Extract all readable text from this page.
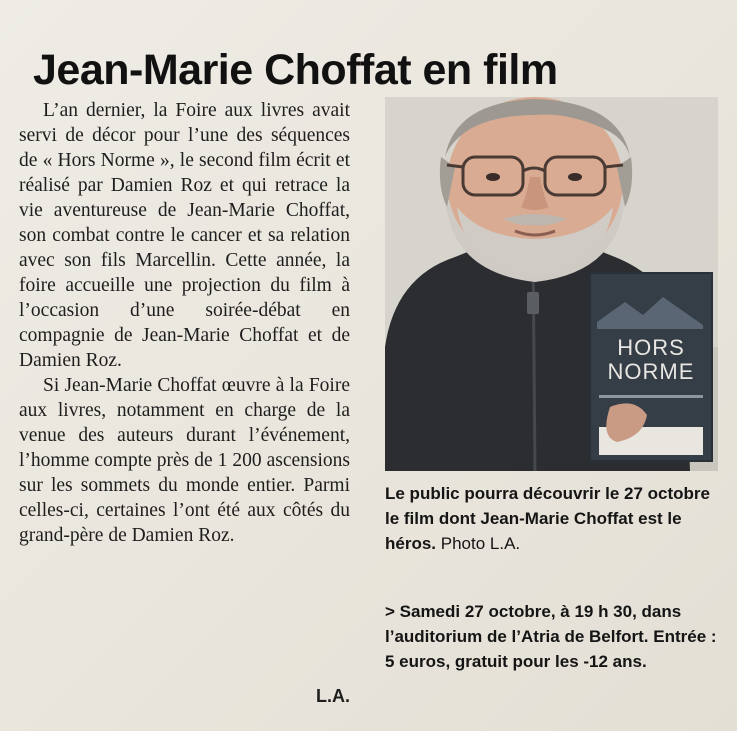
Jean-Marie Choffat en film

L’an dernier, la Foire aux livres avait servi de décor pour l’une des séquences de « Hors Norme », le second film écrit et réalisé par Damien Roz et qui retrace la vie aventureuse de Jean-Marie Choffat, son combat contre le cancer et sa relation avec son fils Marcellin. Cette année, la foire accueille une projection du film à l’occasion d’une soirée-débat en compagnie de Jean-Marie Choffat et de Damien Roz.

Si Jean-Marie Choffat œuvre à la Foire aux livres, notamment en charge de la venue des auteurs durant l’événement, l’homme compte près de 1 200 ascensions sur les sommets du monde entier. Parmi celles-ci, certaines l’ont été aux côtés du grand-père de Damien Roz.

L.A.
HORS
NORME
Le public pourra découvrir le 27 octobre le film dont Jean-Marie Choffat est le héros. Photo L.A.
> Samedi 27 octobre, à 19 h 30, dans l’auditorium de l’Atria de Belfort. Entrée : 5 euros, gratuit pour les -12 ans.
